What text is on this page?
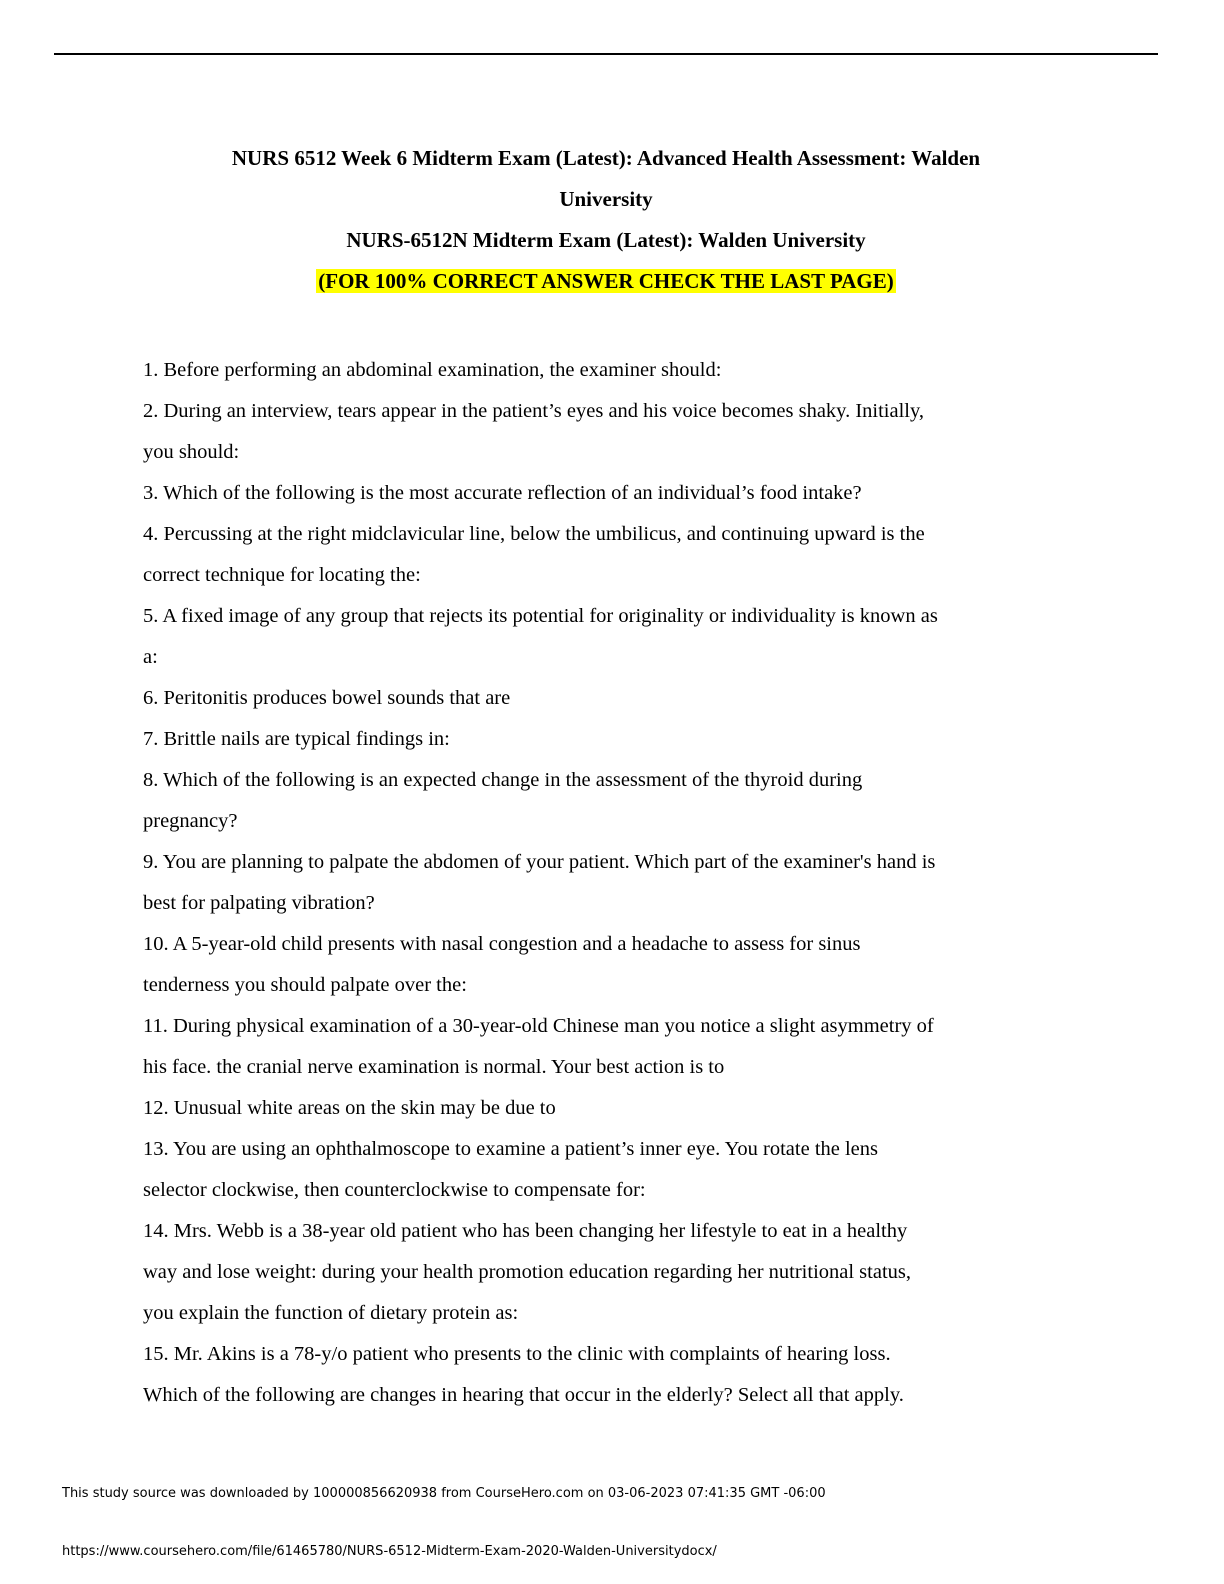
NURS 6512 Week 6 Midterm Exam (Latest): Advanced Health Assessment: Walden
University
NURS-6512N Midterm Exam (Latest): Walden University
(FOR 100% CORRECT ANSWER CHECK THE LAST PAGE)
1. Before performing an abdominal examination, the examiner should:
2. During an interview, tears appear in the patient’s eyes and his voice becomes shaky. Initially,
you should:
3. Which of the following is the most accurate reflection of an individual’s food intake?
4. Percussing at the right midclavicular line, below the umbilicus, and continuing upward is the
correct technique for locating the:
5. A fixed image of any group that rejects its potential for originality or individuality is known as
a:
6. Peritonitis produces bowel sounds that are
7. Brittle nails are typical findings in:
8. Which of the following is an expected change in the assessment of the thyroid during
pregnancy?
9. You are planning to palpate the abdomen of your patient. Which part of the examiner's hand is
best for palpating vibration?
10. A 5-year-old child presents with nasal congestion and a headache to assess for sinus
tenderness you should palpate over the:
11. During physical examination of a 30-year-old Chinese man you notice a slight asymmetry of
his face. the cranial nerve examination is normal. Your best action is to
12. Unusual white areas on the skin may be due to
13. You are using an ophthalmoscope to examine a patient’s inner eye. You rotate the lens
selector clockwise, then counterclockwise to compensate for:
14. Mrs. Webb is a 38-year old patient who has been changing her lifestyle to eat in a healthy
way and lose weight: during your health promotion education regarding her nutritional status,
you explain the function of dietary protein as:
15. Mr. Akins is a 78-y/o patient who presents to the clinic with complaints of hearing loss.
Which of the following are changes in hearing that occur in the elderly? Select all that apply.
This study source was downloaded by 100000856620938 from CourseHero.com on 03-06-2023 07:41:35 GMT -06:00
https://www.coursehero.com/file/61465780/NURS-6512-Midterm-Exam-2020-Walden-Universitydocx/
